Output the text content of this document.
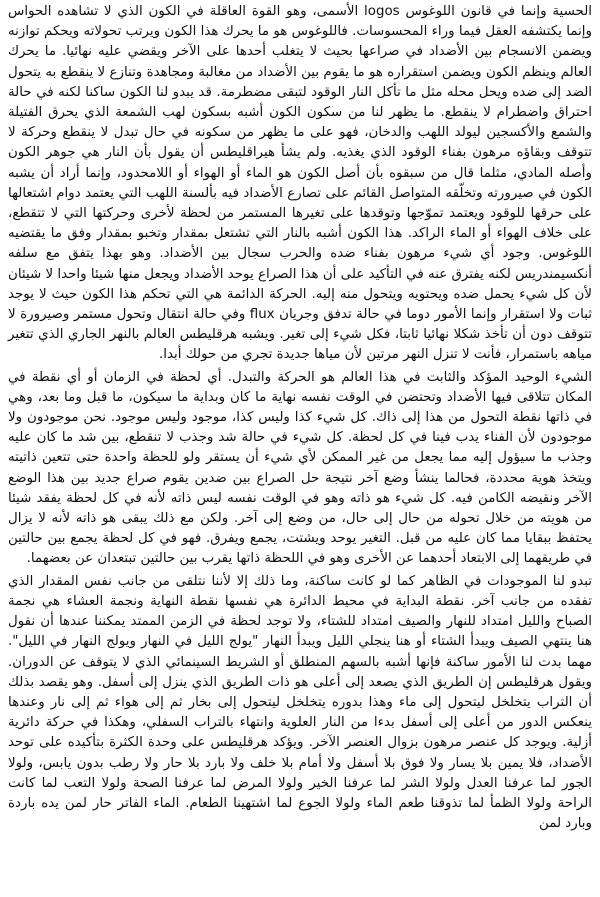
الحسية وإنما في قانون اللوغوس logos الأسمى، وهو القوة العاقلة في الكون الذي لا تشاهده الحواس وإنما يكتشفه العقل فيما وراء المحسوسات. فاللوغوس هو ما يحرك هذا الكون ويرتب تحولاته ويحكم توازنه ويضمن الانسجام بين الأضداد في صراعها بحيث لا يتغلب أحدها على الآخر ويقضي عليه نهائيا. ما يحرك العالم وينظم الكون ويضمن استقراره هو ما يقوم بين الأضداد من مغالبة ومجاهدة وتنازع لا ينقطع به يتحول الضد إلى ضده ويحل محله مثل ما تأكل النار الوقود لتبقى مضطرمة. قد يبدو لنا الكون ساكنا لكنه في حالة احتراق واضطرام لا ينقطع. ما يظهر لنا من سكون الكون أشبه بسكون لهب الشمعة الذي يحرق الفتيلة والشمع والأكسجين ليولد اللهب والدخان، فهو على ما يظهر من سكونه في حال تبدل لا ينقطع وحركة لا تتوقف وبقاؤه مرهون بفناء الوقود الذي يغذيه. ولم يشأ هيراقليطس أن يقول بأن النار هي جوهر الكون وأصله المادي، مثلما قال من سبقوه بأن أصل الكون هو الماء أو الهواء أو اللامحدود، وإنما أراد أن يشبه الكون في صيرورته وتخلّقه المتواصل القائم على تصارع الأضداد فيه بألسنة اللهب التي يعتمد دوام اشتعالها على حرقها للوقود ويعتمد تموّجها وتوقدها على تغيرها المستمر من لحظة لأخرى وحركتها التي لا تتقطع، على خلاف الهواء أو الماء الراكد. هذا الكون أشبه بالنار التي تشتعل بمقدار وتخبو بمقدار وفق ما يقتضيه اللوغوس. وجود أي شيء مرهون بفناء ضده والحرب سجال بين الأضداد. وهو بهذا يتفق مع سلفه أنكسيمندريس لكنه يفترق عنه في التأكيد على أن هذا الصراع يوحد الأضداد ويجعل منها شيئا واحدا لا شيئان لأن كل شيء يحمل ضده ويحتويه ويتحول منه إليه. الحركة الدائمة هي التي تحكم هذا الكون حيث لا يوجد ثبات ولا استقرار وإنما الأمور دوما في حالة تدفق وجريان flux وفي حالة انتقال وتحول مستمر وصيرورة لا تتوقف دون أن تأخذ شكلا نهائيا ثابتا، فكل شيء إلى تغير. ويشبه هرقليطس العالم بالنهر الجاري الذي تتغير مياهه باستمرار، فأنت لا تنزل النهر مرتين لأن مياها جديدة تجري من حولك أبدا.

الشيء الوحيد المؤكد والثابت في هذا العالم هو الحركة والتبدل. أي لحظة في الزمان أو أي نقطة في المكان تتلاقى فيها الأضداد وتحتضن في الوقت نفسه نهاية ما كان وبداية ما سيكون، ما قبل وما بعد، وهي في ذاتها نقطة التحول من هذا إلى ذاك. كل شيء كذا وليس كذا، موجود وليس موجود. نحن موجودون ولا موجودون لأن الفناء يدب فينا في كل لحظة. كل شيء في حالة شد وجذب لا تنقطع، بين شد ما كان عليه وجذب ما سيؤول إليه مما يجعل من غير الممكن لأي شيء أن يستقر ولو للحظة واحدة حتى تتعين ذاتيته ويتخذ هوية محددة، فحالما ينشأ وضع آخر نتيجة حل الصراع بين ضدين يقوم صراع جديد بين هذا الوضع الآخر ونقيضه الكامن فيه. كل شيء هو ذاته وهو في الوقت نفسه ليس ذاته لأنه في كل لحظة يفقد شيئا من هويته من خلال تحوله من حال إلى حال، من وضع إلى آخر. ولكن مع ذلك يبقى هو ذاته لأنه لا يزال يحتفظ ببقايا مما كان عليه من قبل. التغير يوحد ويشتت، يجمع ويفرق. فهو في كل لحظة يجمع بين حالتين في طريقهما إلى الابتعاد أحدهما عن الأخرى وهو في اللحظة ذاتها يقرب بين حالتين تبتعدان عن بعضهما.

تبدو لنا الموجودات في الظاهر كما لو كانت ساكنة، وما ذلك إلا لأننا نتلقى من جانب نفس المقدار الذي تفقده من جانب آخر. نقطة البداية في محيط الدائرة هي نفسها نقطة النهاية ونجمة العشاء هي نجمة الصباح والليل امتداد للنهار والصيف امتداد للشتاء، ولا توجد لحظة في الزمن الممتد يمكننا عندها أن نقول هنا ينتهي الصيف ويبدأ الشتاء أو هنا ينجلي الليل ويبدأ النهار "يولج الليل في النهار ويولج النهار في الليل". مهما بدت لنا الأمور ساكنة فإنها أشبه بالسهم المنطلق أو الشريط السينمائي الذي لا يتوقف عن الدوران. ويقول هرقليطس إن الطريق الذي يصعد إلى أعلى هو ذات الطريق الذي ينزل إلى أسفل. وهو يقصد بذلك أن التراب يتخلخل ليتحول إلى ماء وهذا بدوره يتخلخل ليتحول إلى بخار ثم إلى هواء ثم إلى نار وعندها ينعكس الدور من أعلى إلى أسفل بدءا من النار العلوية وانتهاء بالتراب السفلي، وهكذا في حركة دائرية أزلية. ويوجد كل عنصر مرهون بزوال العنصر الآخر. ويؤكد هرقليطس على وحدة الكثرة بتأكيده على توحد الأضداد، فلا يمين بلا يسار ولا فوق بلا أسفل ولا أمام بلا خلف ولا بارد بلا حار ولا رطب بدون يابس، ولولا الجور لما عرفنا العدل ولولا الشر لما عرفنا الخير ولولا المرض لما عرفنا الصحة ولولا التعب لما كانت الراحة ولولا الظمأ لما تذوقنا طعم الماء ولولا الجوع لما اشتهينا الطعام. الماء الفاتر حار لمن يده باردة وبارد لمن
